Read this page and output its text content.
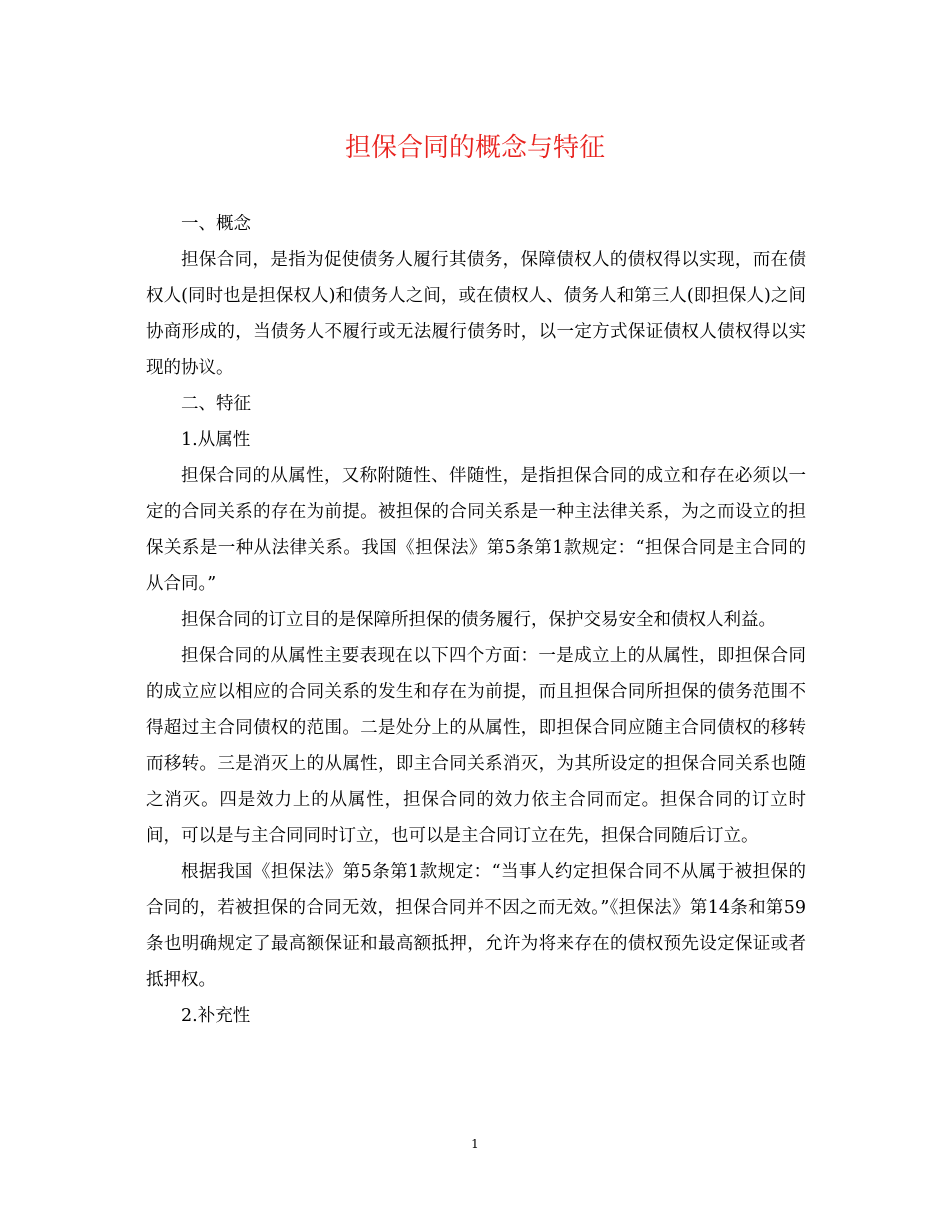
担保合同的概念与特征

一、概念

担保合同，是指为促使债务人履行其债务，保障债权人的债权得以实现，而在债权人(同时也是担保权人)和债务人之间，或在债权人、债务人和第三人(即担保人)之间协商形成的，当债务人不履行或无法履行债务时，以一定方式保证债权人债权得以实现的协议。

二、特征

1.从属性

担保合同的从属性，又称附随性、伴随性，是指担保合同的成立和存在必须以一定的合同关系的存在为前提。被担保的合同关系是一种主法律关系，为之而设立的担保关系是一种从法律关系。我国《担保法》第5条第1款规定：“担保合同是主合同的从合同。”

担保合同的订立目的是保障所担保的债务履行，保护交易安全和债权人利益。

担保合同的从属性主要表现在以下四个方面：一是成立上的从属性，即担保合同的成立应以相应的合同关系的发生和存在为前提，而且担保合同所担保的债务范围不得超过主合同债权的范围。二是处分上的从属性，即担保合同应随主合同债权的移转而移转。三是消灭上的从属性，即主合同关系消灭，为其所设定的担保合同关系也随之消灭。四是效力上的从属性，担保合同的效力依主合同而定。担保合同的订立时间，可以是与主合同同时订立，也可以是主合同订立在先，担保合同随后订立。

根据我国《担保法》第5条第1款规定：“当事人约定担保合同不从属于被担保的合同的，若被担保的合同无效，担保合同并不因之而无效。”《担保法》第14条和第59条也明确规定了最高额保证和最高额抵押，允许为将来存在的债权预先设定保证或者抵押权。

2.补充性

1
